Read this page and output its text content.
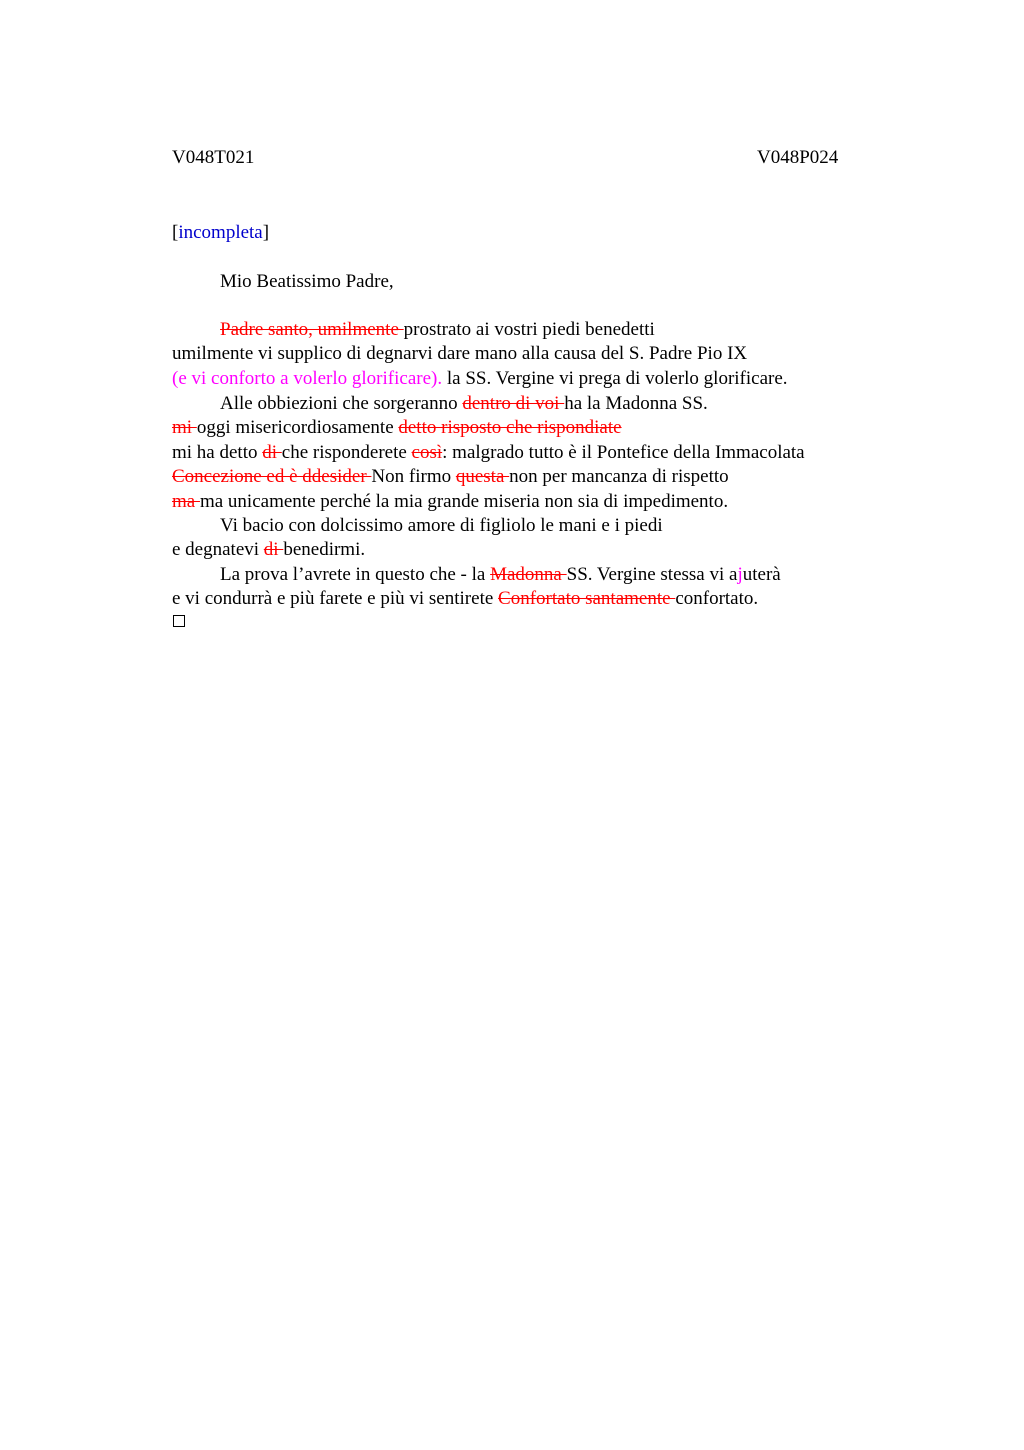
V048T021	V048P024
[incompleta]
Mio Beatissimo Padre,
Padre santo, umilmente prostrato ai vostri piedi benedetti
umilmente vi supplico di degnarvi dare mano alla causa del S. Padre Pio IX
(e vi conforto a volerlo glorificare). la SS. Vergine vi prega di volerlo glorificare.
Alle obbiezioni che sorgeranno dentro di voi ha la Madonna SS.
mi oggi misericordiosamente detto risposto che rispondiate
mi ha detto di che risponderete così: malgrado tutto è il Pontefice della Immacolata
Concezione ed è ddesider Non firmo questa non per mancanza di rispetto
ma ma unicamente perché la mia grande miseria non sia di impedimento.
Vi bacio con dolcissimo amore di figliolo le mani e i piedi
e degnatevi di benedirmi.
La prova l’avrete in questo che - la Madonna SS. Vergine stessa vi ajuterà
e vi condurrà e più farete e più vi sentirete Confortato santamente confortato.
